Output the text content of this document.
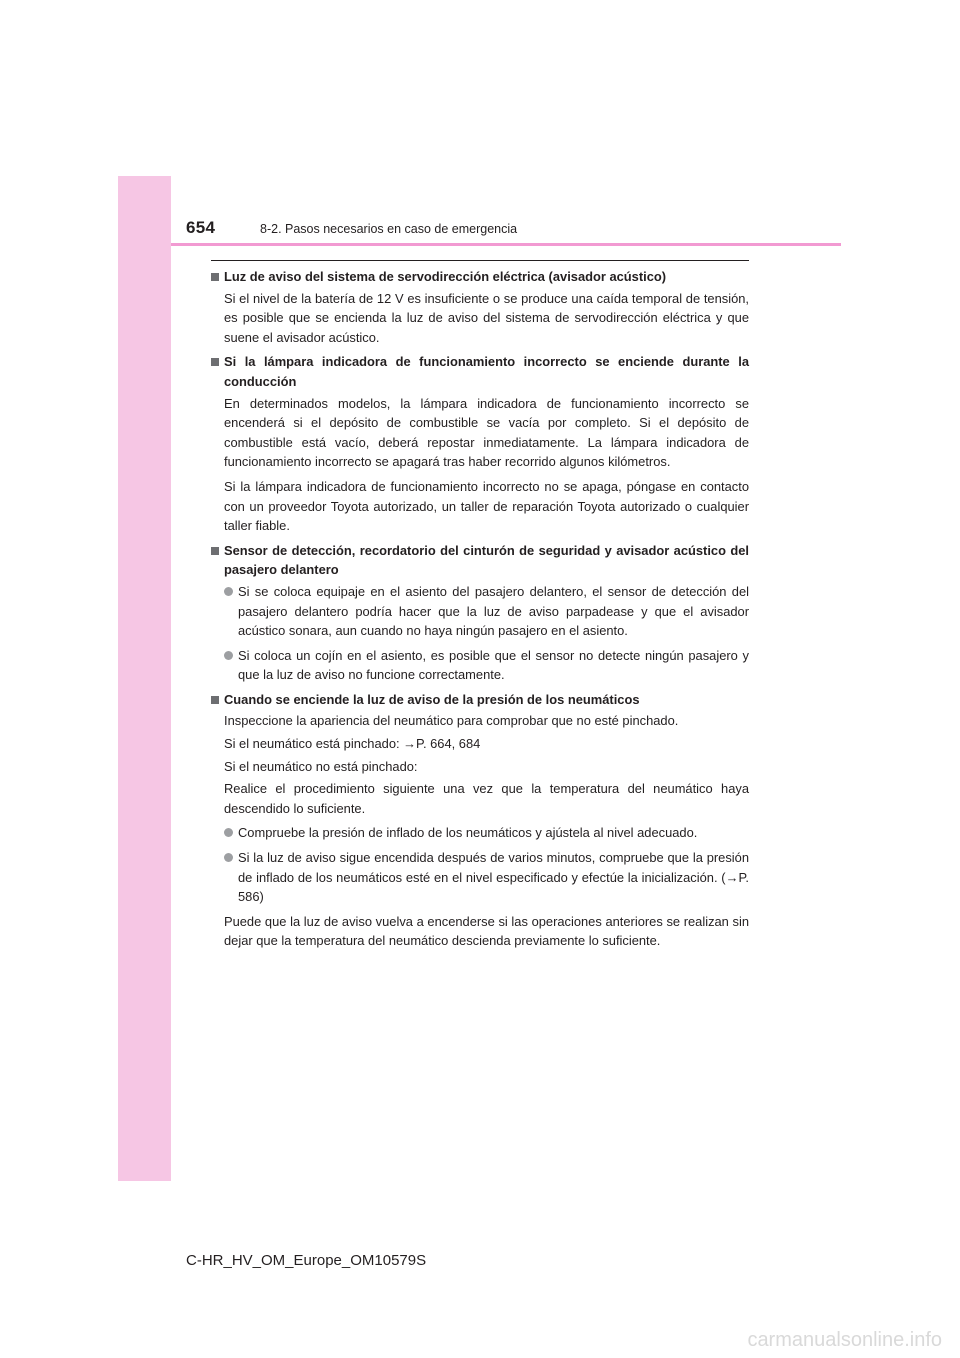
654	8-2. Pasos necesarios en caso de emergencia
Luz de aviso del sistema de servodirección eléctrica (avisador acústico)

Si el nivel de la batería de 12 V es insuficiente o se produce una caída temporal de tensión, es posible que se encienda la luz de aviso del sistema de servodirección eléctrica y que suene el avisador acústico.

Si la lámpara indicadora de funcionamiento incorrecto se enciende durante la conducción

En determinados modelos, la lámpara indicadora de funcionamiento incorrecto se encenderá si el depósito de combustible se vacía por completo. Si el depósito de combustible está vacío, deberá repostar inmediatamente. La lámpara indicadora de funcionamiento incorrecto se apagará tras haber recorrido algunos kilómetros.

Si la lámpara indicadora de funcionamiento incorrecto no se apaga, póngase en contacto con un proveedor Toyota autorizado, un taller de reparación Toyota autorizado o cualquier taller fiable.

Sensor de detección, recordatorio del cinturón de seguridad y avisador acústico del pasajero delantero
Si se coloca equipaje en el asiento del pasajero delantero, el sensor de detección del pasajero delantero podría hacer que la luz de aviso parpadease y que el avisador acústico sonara, aun cuando no haya ningún pasajero en el asiento.
Si coloca un cojín en el asiento, es posible que el sensor no detecte ningún pasajero y que la luz de aviso no funcione correctamente.
Cuando se enciende la luz de aviso de la presión de los neumáticos

Inspeccione la apariencia del neumático para comprobar que no esté pinchado.

Si el neumático está pinchado: →P. 664, 684

Si el neumático no está pinchado:

Realice el procedimiento siguiente una vez que la temperatura del neumático haya descendido lo suficiente.

Compruebe la presión de inflado de los neumáticos y ajústela al nivel adecuado.
Si la luz de aviso sigue encendida después de varios minutos, compruebe que la presión de inflado de los neumáticos esté en el nivel especificado y efectúe la inicialización. (→P. 586)

Puede que la luz de aviso vuelva a encenderse si las operaciones anteriores se realizan sin dejar que la temperatura del neumático descienda previamente lo suficiente.

C-HR_HV_OM_Europe_OM10579S
carmanualsonline.info
